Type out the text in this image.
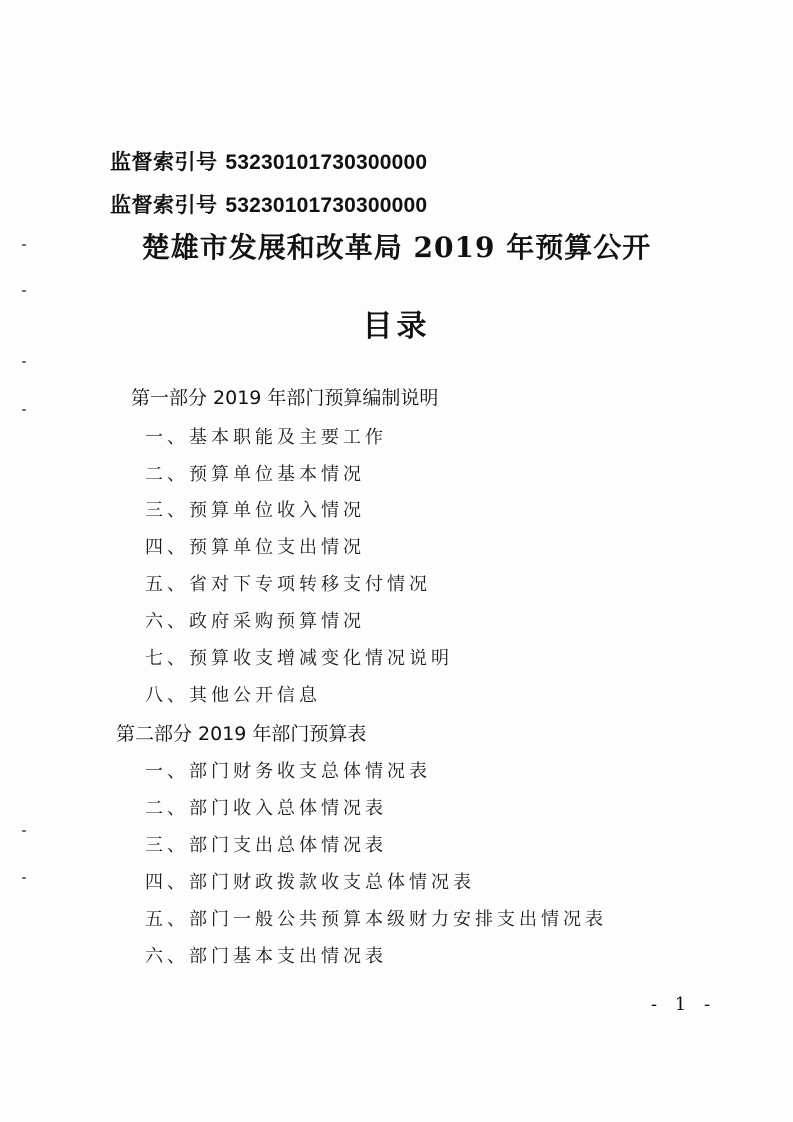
监督索引号 53230101730300000
监督索引号 53230101730300000
楚雄市发展和改革局 2019 年预算公开
目录
第一部分 2019 年部门预算编制说明
一、基本职能及主要工作
二、预算单位基本情况
三、预算单位收入情况
四、预算单位支出情况
五、省对下专项转移支付情况
六、政府采购预算情况
七、预算收支增减变化情况说明
八、其他公开信息
第二部分 2019 年部门预算表
一、部门财务收支总体情况表
二、部门收入总体情况表
三、部门支出总体情况表
四、部门财政拨款收支总体情况表
五、部门一般公共预算本级财力安排支出情况表
六、部门基本支出情况表
- 1 -
